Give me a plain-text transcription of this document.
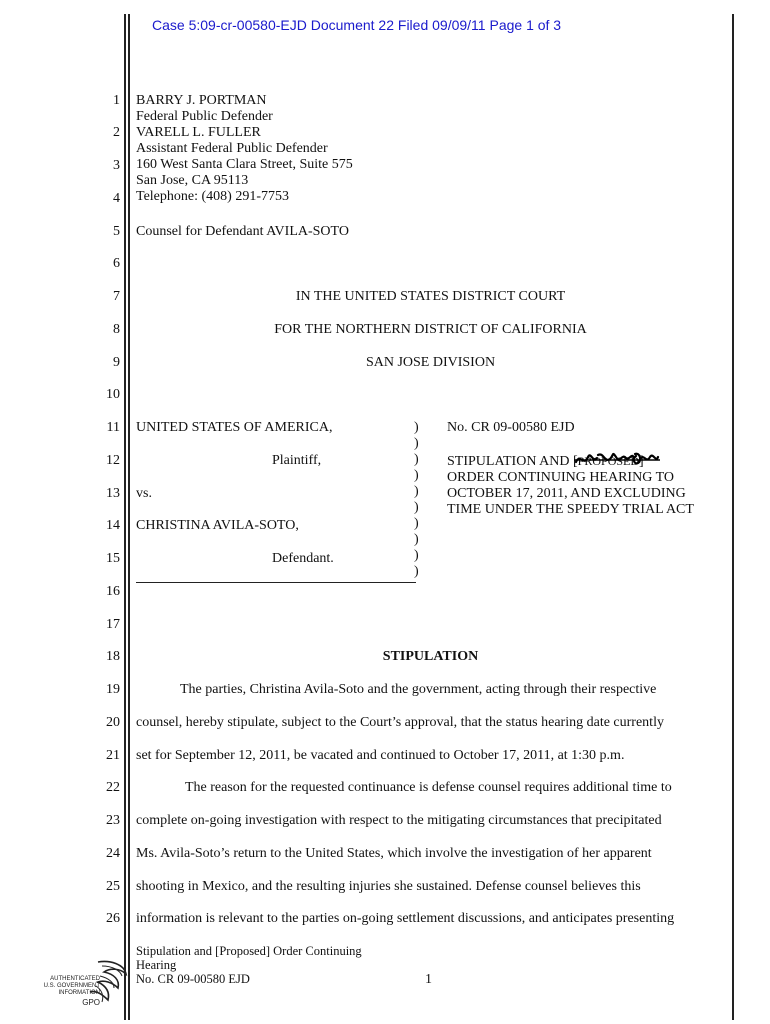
Case 5:09-cr-00580-EJD Document 22 Filed 09/09/11 Page 1 of 3
1
2
3
4
5
6
7
8
9
10
11
12
13
14
15
16
17
18
19
20
21
22
23
24
25
26
BARRY J. PORTMAN
Federal Public Defender
VARELL L. FULLER
Assistant Federal Public Defender
160 West Santa Clara Street, Suite 575
San Jose, CA 95113
Telephone: (408) 291-7753
Counsel for Defendant AVILA-SOTO
IN THE UNITED STATES DISTRICT COURT
FOR THE NORTHERN DISTRICT OF CALIFORNIA
SAN JOSE DIVISION
UNITED STATES OF AMERICA,
Plaintiff,
vs.
CHRISTINA AVILA-SOTO,
Defendant.
)
)
)
)
)
)
)
)
)
)
No. CR 09-00580 EJD
STIPULATION AND [PROPOSED
]
ORDER CONTINUING HEARING TO
OCTOBER 17, 2011, AND EXCLUDING
TIME UNDER THE SPEEDY TRIAL ACT
STIPULATION
The parties, Christina Avila-Soto and the government, acting through their respective
counsel, hereby stipulate, subject to the Court’s approval, that the status hearing date currently
set for September 12, 2011, be vacated and continued to October 17, 2011, at 1:30 p.m.
The reason for the requested continuance is defense counsel requires additional time to
complete on-going investigation with respect to the mitigating circumstances that precipitated
Ms. Avila-Soto’s return to the United States, which involve the investigation of her apparent
shooting in Mexico, and the resulting injuries she sustained. Defense counsel believes this
information is relevant to the parties on-going settlement discussions, and anticipates presenting
Stipulation and [Proposed] Order Continuing
Hearing
No. CR 09-00580 EJD	1
AUTHENTICATED
U.S. GOVERNMENT
INFORMATION
GPO
